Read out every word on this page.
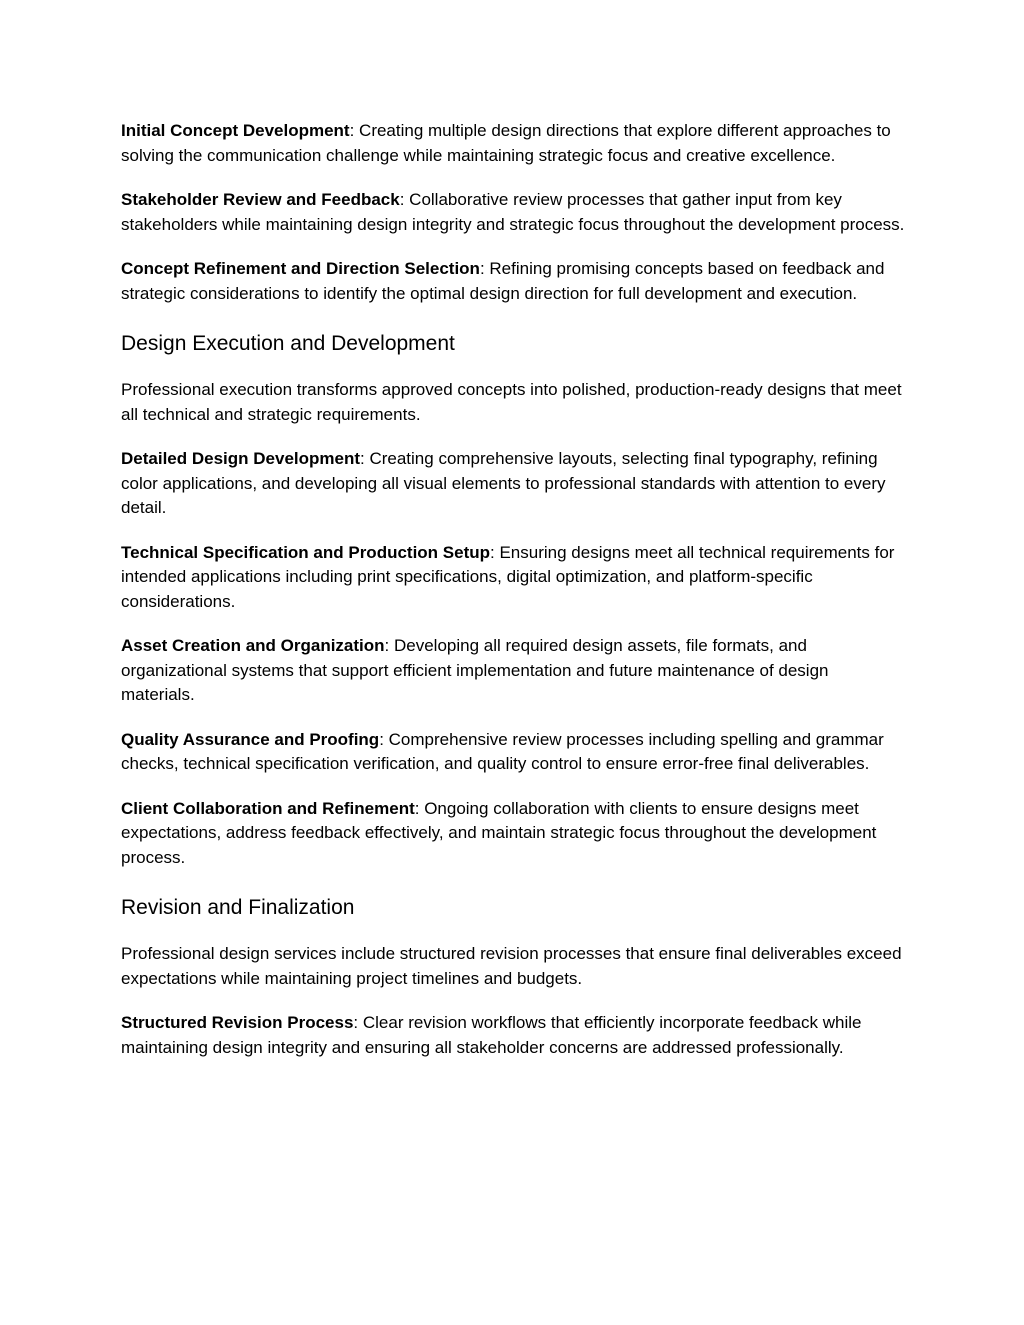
Initial Concept Development: Creating multiple design directions that explore different approaches to solving the communication challenge while maintaining strategic focus and creative excellence.

Stakeholder Review and Feedback: Collaborative review processes that gather input from key stakeholders while maintaining design integrity and strategic focus throughout the development process.

Concept Refinement and Direction Selection: Refining promising concepts based on feedback and strategic considerations to identify the optimal design direction for full development and execution.

Design Execution and Development

Professional execution transforms approved concepts into polished, production-ready designs that meet all technical and strategic requirements.

Detailed Design Development: Creating comprehensive layouts, selecting final typography, refining color applications, and developing all visual elements to professional standards with attention to every detail.

Technical Specification and Production Setup: Ensuring designs meet all technical requirements for intended applications including print specifications, digital optimization, and platform-specific considerations.

Asset Creation and Organization: Developing all required design assets, file formats, and organizational systems that support efficient implementation and future maintenance of design materials.

Quality Assurance and Proofing: Comprehensive review processes including spelling and grammar checks, technical specification verification, and quality control to ensure error-free final deliverables.

Client Collaboration and Refinement: Ongoing collaboration with clients to ensure designs meet expectations, address feedback effectively, and maintain strategic focus throughout the development process.

Revision and Finalization

Professional design services include structured revision processes that ensure final deliverables exceed expectations while maintaining project timelines and budgets.

Structured Revision Process: Clear revision workflows that efficiently incorporate feedback while maintaining design integrity and ensuring all stakeholder concerns are addressed professionally.
